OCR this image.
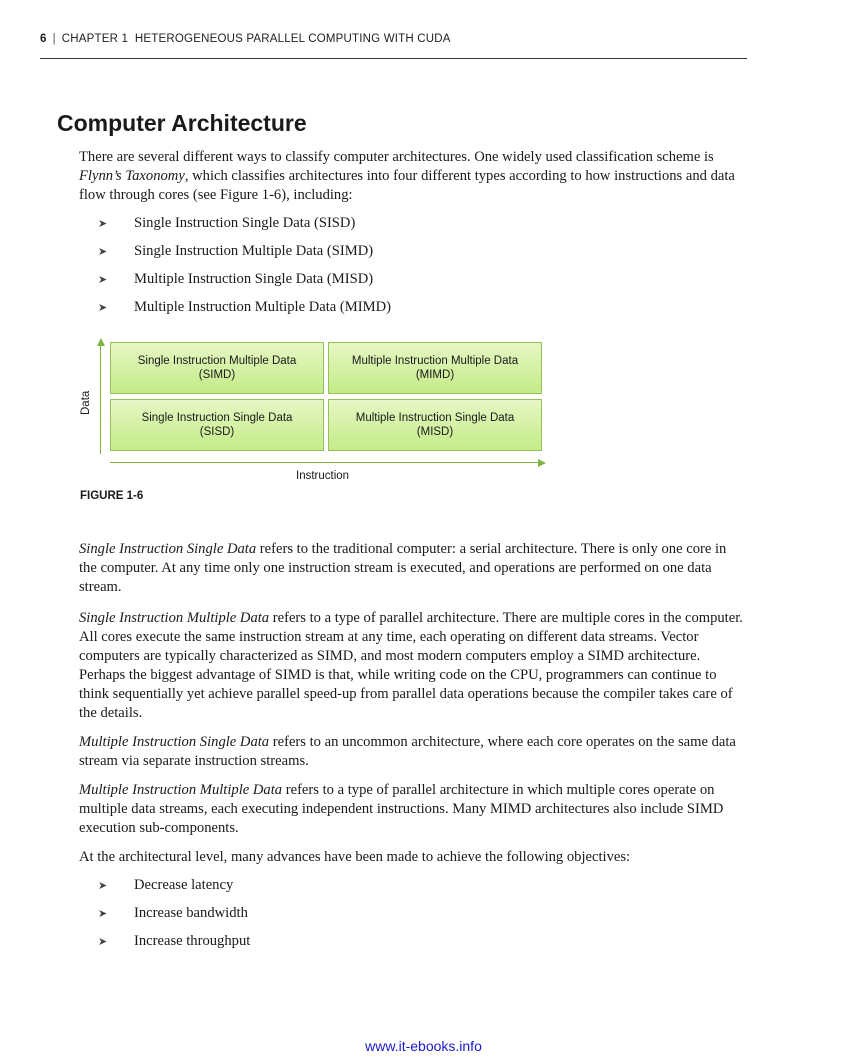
6 | CHAPTER 1  HETEROGENEOUS PARALLEL COMPUTING WITH CUDA
Computer Architecture

There are several different ways to classify computer architectures. One widely used classification scheme is Flynn’s Taxonomy, which classifies architectures into four different types according to how instructions and data flow through cores (see Figure 1-6), including:

➤ Single Instruction Single Data (SISD)
➤ Single Instruction Multiple Data (SIMD)
➤ Multiple Instruction Single Data (MISD)
➤ Multiple Instruction Multiple Data (MIMD)
Data
Single Instruction Multiple Data
(SIMD)
Multiple Instruction Multiple Data
(MIMD)
Single Instruction Single Data
(SISD)
Multiple Instruction Single Data
(MISD)
Instruction
FIGURE 1-6

Single Instruction Single Data refers to the traditional computer: a serial architecture. There is only one core in the computer. At any time only one instruction stream is executed, and operations are performed on one data stream.

Single Instruction Multiple Data refers to a type of parallel architecture. There are multiple cores in the computer. All cores execute the same instruction stream at any time, each operating on different data streams. Vector computers are typically characterized as SIMD, and most modern computers employ a SIMD architecture. Perhaps the biggest advantage of SIMD is that, while writing code on the CPU, programmers can continue to think sequentially yet achieve parallel speed-up from parallel data operations because the compiler takes care of the details.

Multiple Instruction Single Data refers to an uncommon architecture, where each core operates on the same data stream via separate instruction streams.

Multiple Instruction Multiple Data refers to a type of parallel architecture in which multiple cores operate on multiple data streams, each executing independent instructions. Many MIMD architectures also include SIMD execution sub-components.

At the architectural level, many advances have been made to achieve the following objectives:

➤ Decrease latency
➤ Increase bandwidth
➤ Increase throughput
www.it-ebooks.info
